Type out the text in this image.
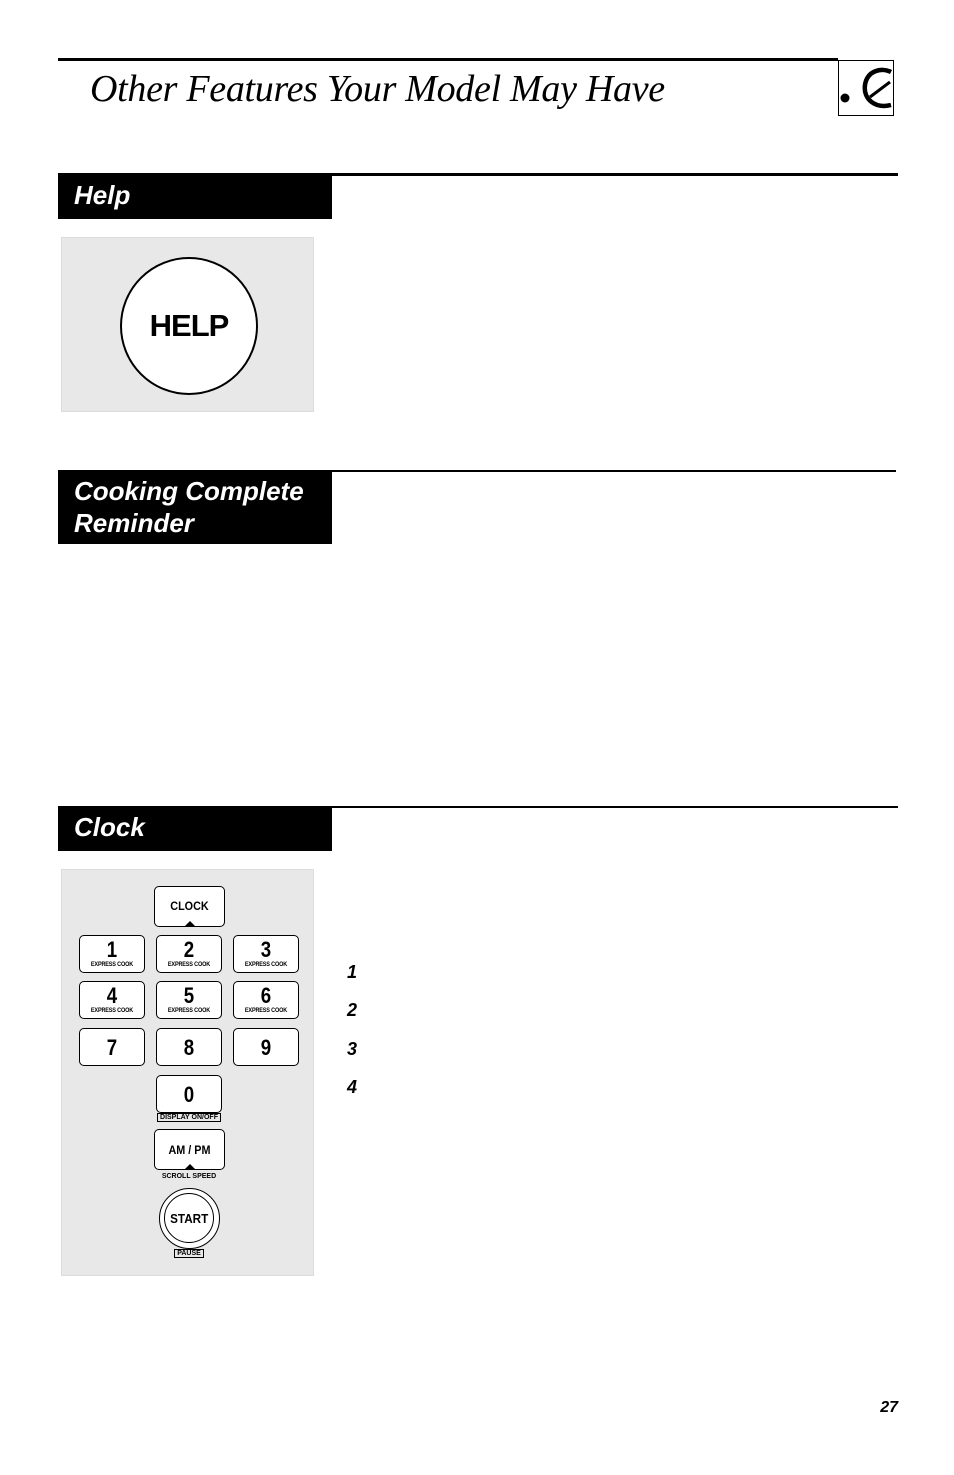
Other Features Your Model May Have
Help
HELP
Cooking Complete
Reminder
Clock
CLOCK
1
EXPRESS COOK
2
EXPRESS COOK
3
EXPRESS COOK
4
EXPRESS COOK
5
EXPRESS COOK
6
EXPRESS COOK
7	8	9
0
DISPLAY ON/OFF
AM / PM
SCROLL SPEED
START
PAUSE
1
2
3
4
27
